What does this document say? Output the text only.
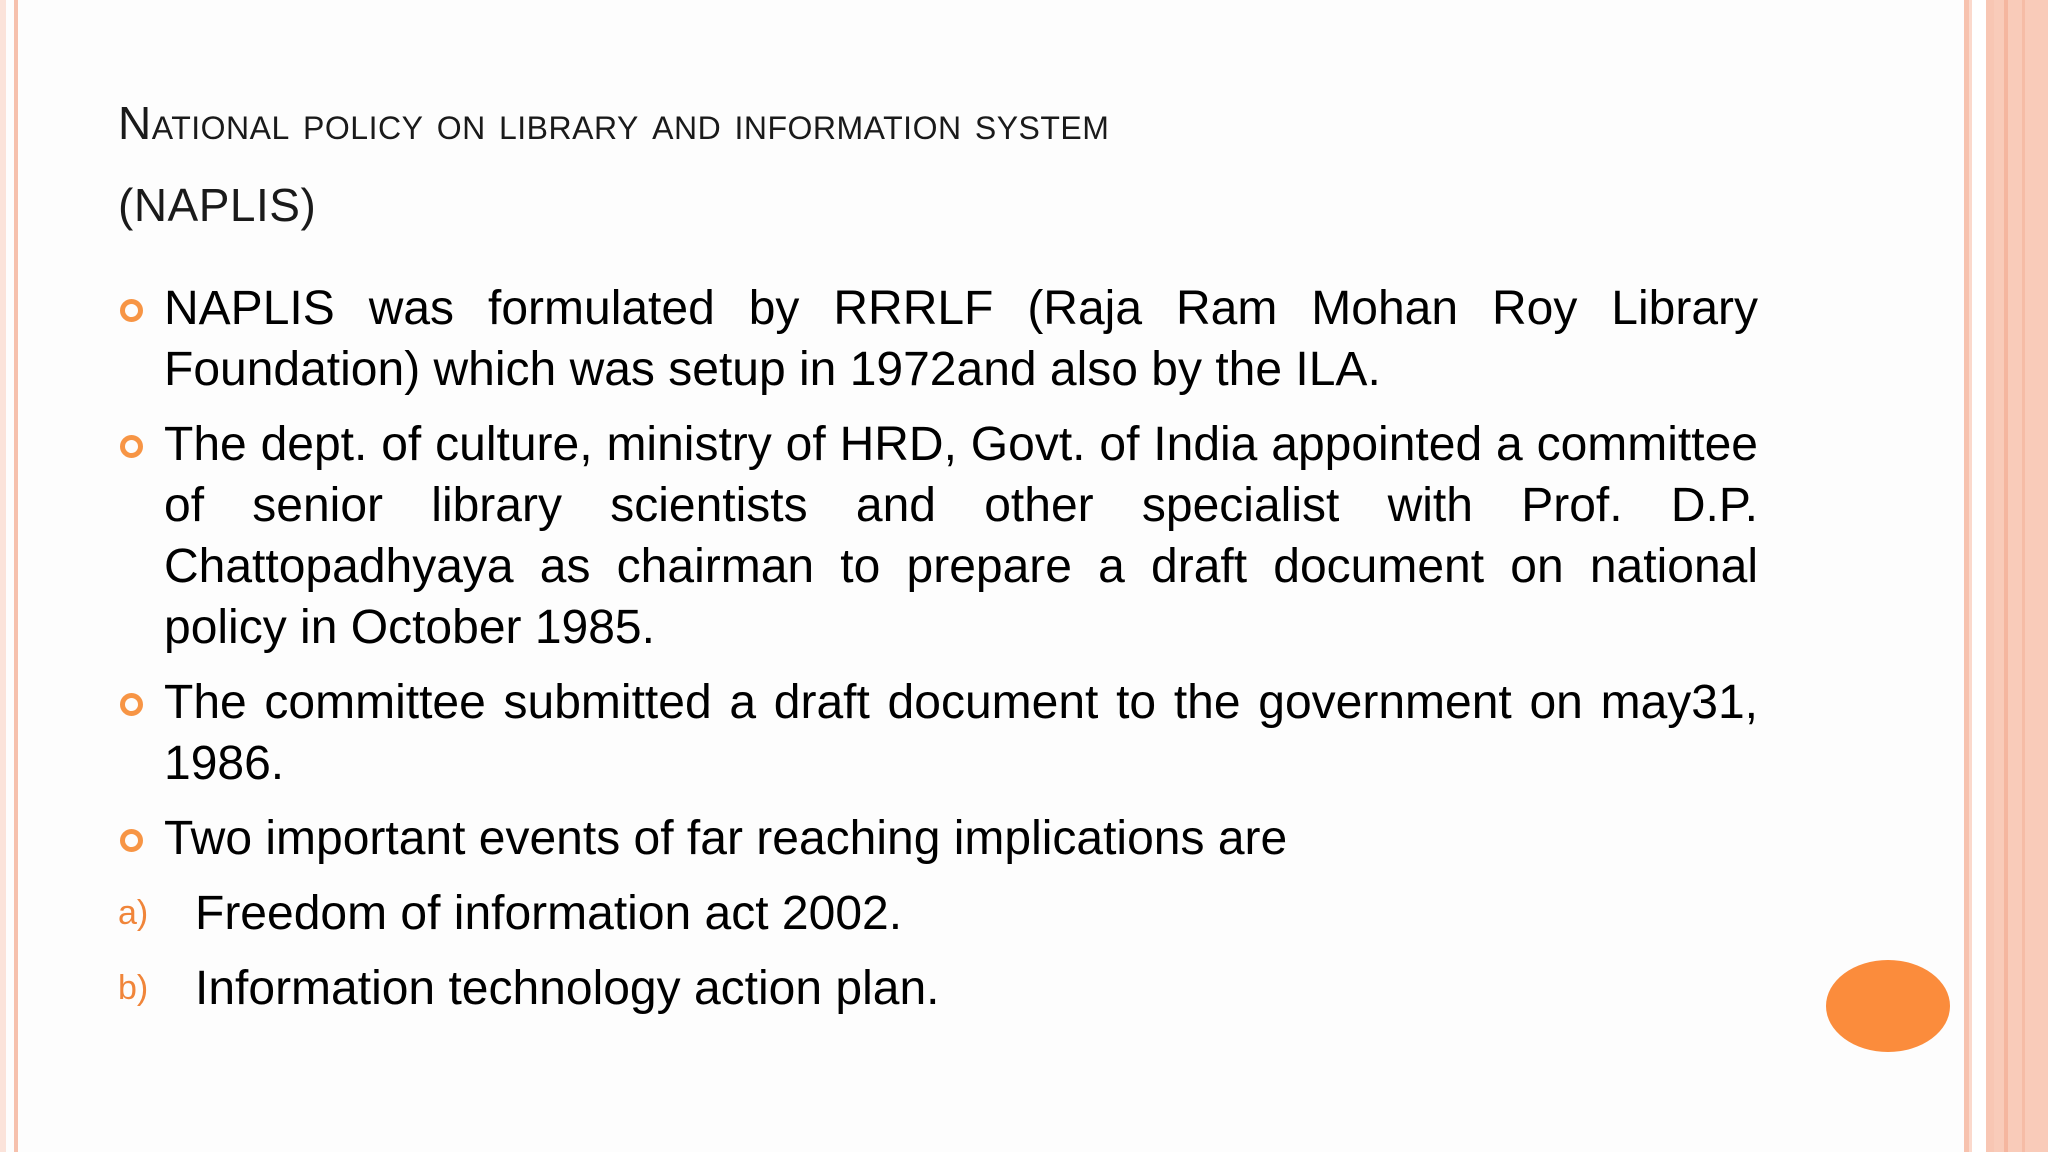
National policy on library and information system
(NAPLIS)

NAPLIS was formulated by RRRLF (Raja Ram Mohan Roy Library Foundation) which was setup in 1972and also by the ILA.

The dept. of culture, ministry of HRD, Govt. of India appointed a committee of senior library scientists and other specialist with Prof. D.P. Chattopadhyaya as chairman to prepare a draft document on national policy in October 1985.

The committee submitted a draft document to the government on may31, 1986.

Two important events of far reaching implications are

a) Freedom of information act 2002.

b) Information technology action plan.
